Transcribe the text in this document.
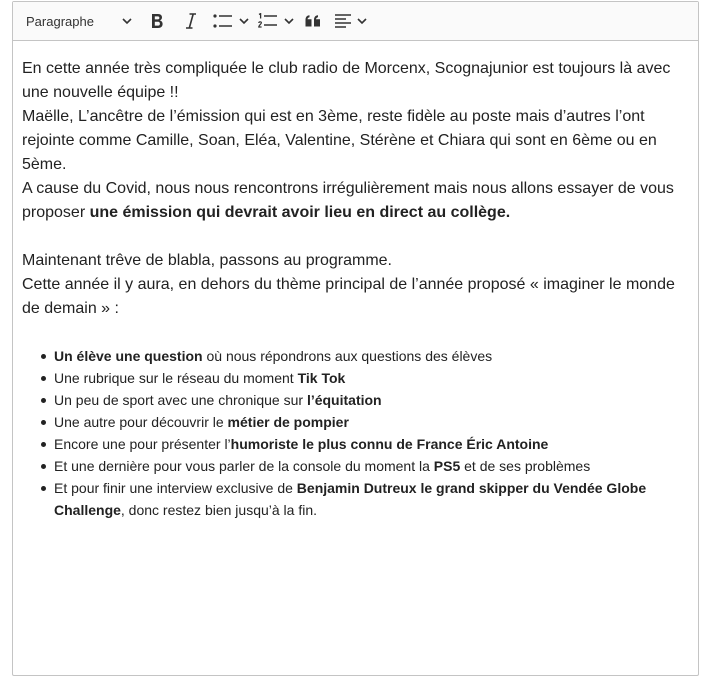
Paragraphe

En cette année très compliquée le club radio de Morcenx, Scognajunior est toujours là avec une nouvelle équipe !!

Maëlle, L’ancêtre de l’émission qui est en 3ème, reste fidèle au poste mais d’autres l’ont rejointe comme Camille, Soan, Eléa, Valentine, Stérène et Chiara qui sont en 6ème ou en 5ème.

A cause du Covid, nous nous rencontrons irrégulièrement mais nous allons essayer de vous proposer une émission qui devrait avoir lieu en direct au collège.

Maintenant trêve de blabla, passons au programme.

Cette année il y aura, en dehors du thème principal de l’année proposé « imaginer le monde de demain » :

Un élève une question où nous répondrons aux questions des élèves
Une rubrique sur le réseau du moment Tik Tok
Un peu de sport avec une chronique sur l’équitation
Une autre pour découvrir le métier de pompier
Encore une pour présenter l’humoriste le plus connu de France Éric Antoine
Et une dernière pour vous parler de la console du moment la PS5 et de ses problèmes
Et pour finir une interview exclusive de Benjamin Dutreux le grand skipper du Vendée Globe Challenge, donc restez bien jusqu’à la fin.
